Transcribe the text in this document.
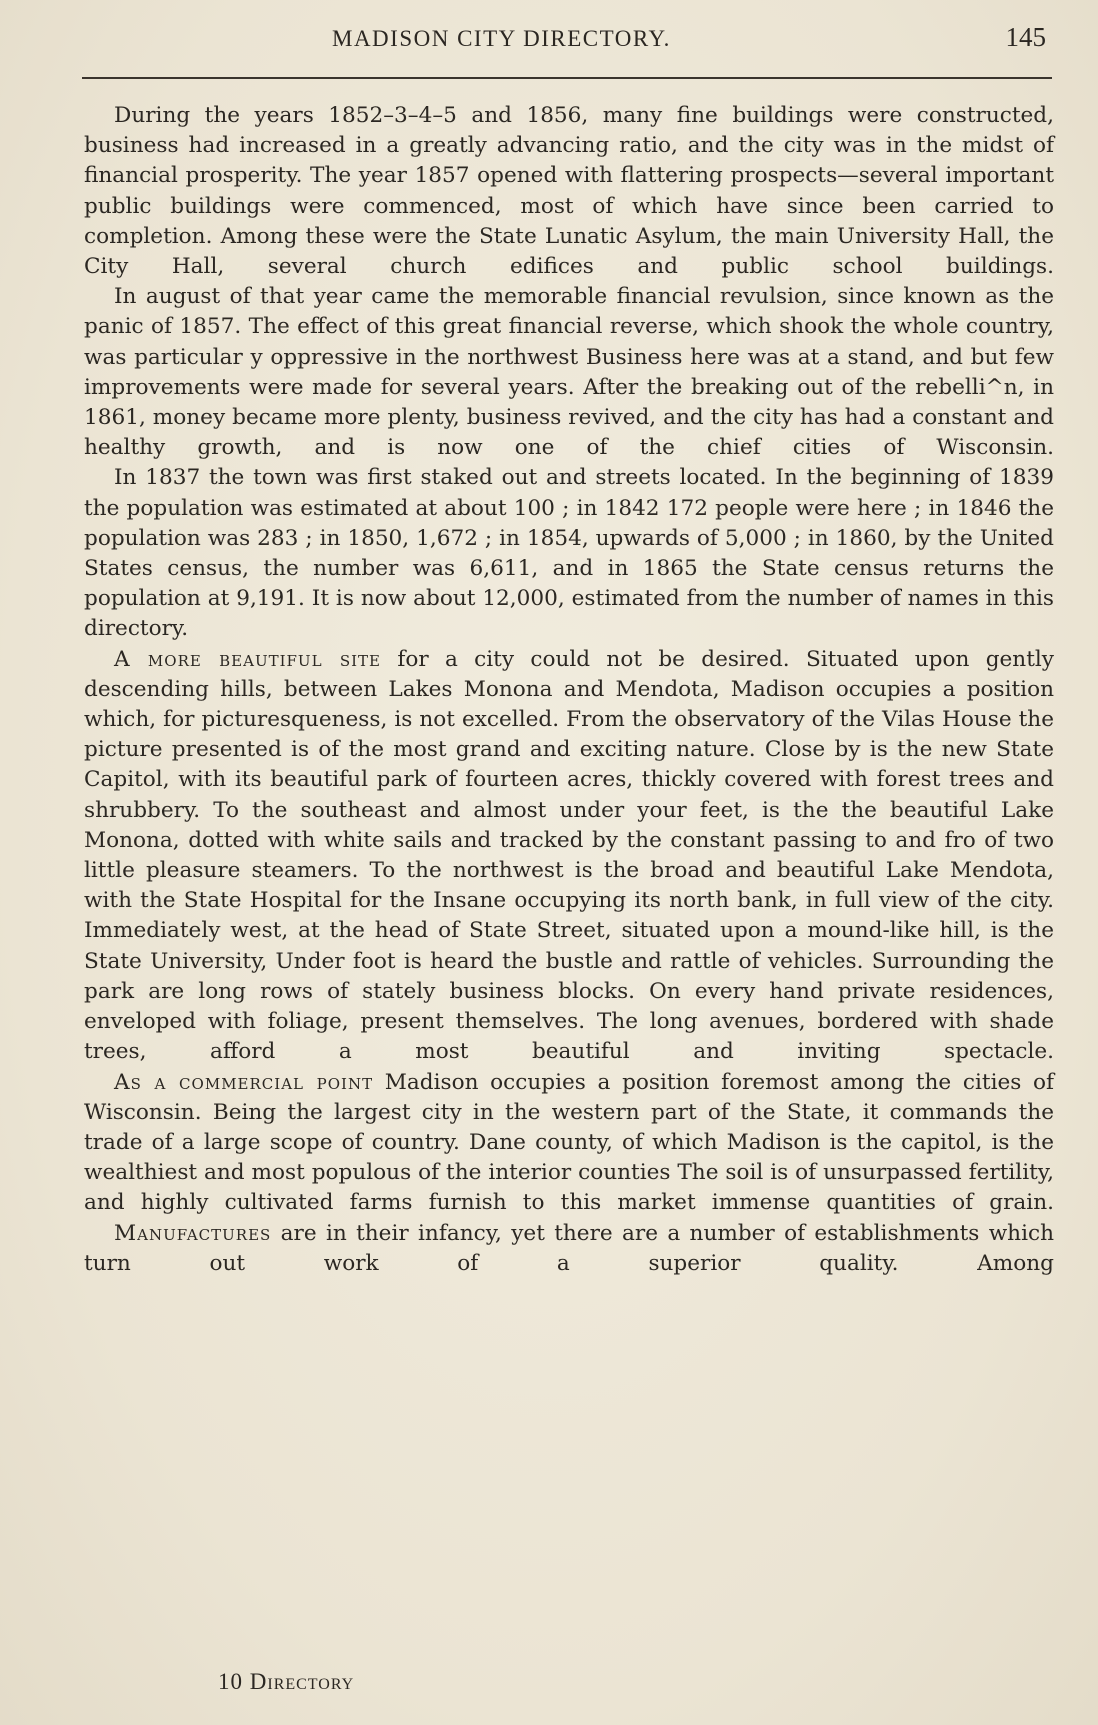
MADISON CITY DIRECTORY.	145

During the years 1852–3–4–5 and 1856, many fine buildings were constructed, business had increased in a greatly advancing ratio, and the city was in the midst of financial prosperity. The year 1857 opened with flattering prospects—several important public buildings were commenced, most of which have since been carried to completion. Among these were the State Lunatic Asylum, the main University Hall, the City Hall, several church edifices and public school buildings.

In august of that year came the memorable financial revulsion, since known as the panic of 1857. The effect of this great financial reverse, which shook the whole country, was particular y oppressive in the northwest Business here was at a stand, and but few improvements were made for several years. After the breaking out of the rebelli^n, in 1861, money became more plenty, business revived, and the city has had a constant and healthy growth, and is now one of the chief cities of Wisconsin.

In 1837 the town was first staked out and streets located. In the beginning of 1839 the population was estimated at about 100 ; in 1842 172 people were here ; in 1846 the population was 283 ; in 1850, 1,672 ; in 1854, upwards of 5,000 ; in 1860, by the United States census, the number was 6,611, and in 1865 the State census returns the population at 9,191. It is now about 12,000, estimated from the number of names in this directory.

A more beautiful site for a city could not be desired. Situated upon gently descending hills, between Lakes Monona and Mendota, Madison occupies a position which, for picturesqueness, is not excelled. From the observatory of the Vilas House the picture presented is of the most grand and exciting nature. Close by is the new State Capitol, with its beautiful park of fourteen acres, thickly covered with forest trees and shrubbery. To the southeast and almost under your feet, is the the beautiful Lake Monona, dotted with white sails and tracked by the constant passing to and fro of two little pleasure steamers. To the northwest is the broad and beautiful Lake Mendota, with the State Hospital for the Insane occupying its north bank, in full view of the city. Immediately west, at the head of State Street, situated upon a mound-like hill, is the State University, Under foot is heard the bustle and rattle of vehicles. Surrounding the park are long rows of stately business blocks. On every hand private residences, enveloped with foliage, present themselves. The long avenues, bordered with shade trees, afford a most beautiful and inviting spectacle.

As a commercial point Madison occupies a position foremost among the cities of Wisconsin. Being the largest city in the western part of the State, it commands the trade of a large scope of country. Dane county, of which Madison is the capitol, is the wealthiest and most populous of the interior counties The soil is of unsurpassed fertility, and highly cultivated farms furnish to this market immense quantities of grain.

Manufactures are in their infancy, yet there are a number of establishments which turn out work of a superior quality. Among

10 Directory
